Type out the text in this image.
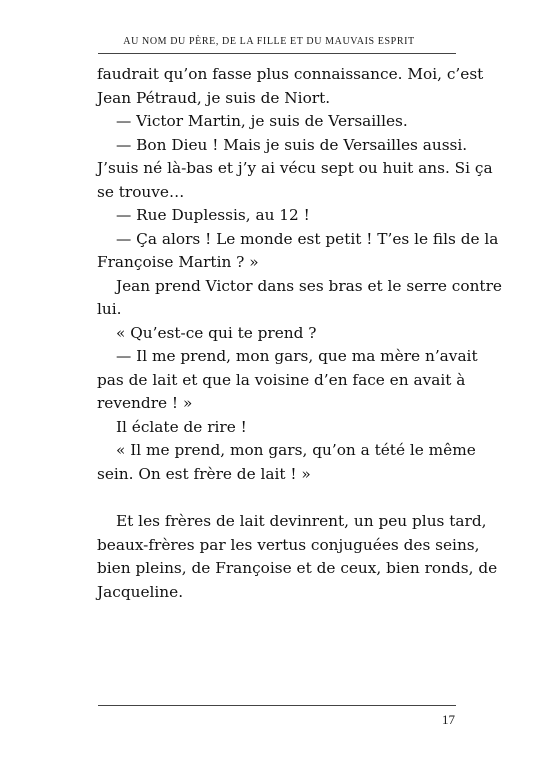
AU NOM DU PÈRE, DE LA FILLE ET DU MAUVAIS ESPRIT
faudrait qu’on fasse plus connaissance. Moi, c’est
Jean Pétraud, je suis de Niort.
— Victor Martin, je suis de Versailles.
— Bon Dieu ! Mais je suis de Versailles aussi.
J’suis né là-bas et j’y ai vécu sept ou huit ans. Si ça
se trouve…
— Rue Duplessis, au 12 !
— Ça alors ! Le monde est petit ! T’es le fils de la
Françoise Martin ? »
Jean prend Victor dans ses bras et le serre contre
lui.
« Qu’est-ce qui te prend ?
— Il me prend, mon gars, que ma mère n’avait
pas de lait et que la voisine d’en face en avait à
revendre ! »
Il éclate de rire !
« Il me prend, mon gars, qu’on a tété le même
sein. On est frère de lait ! »
Et les frères de lait devinrent, un peu plus tard,
beaux-frères par les vertus conjuguées des seins,
bien pleins, de Françoise et de ceux, bien ronds, de
Jacqueline.
17
